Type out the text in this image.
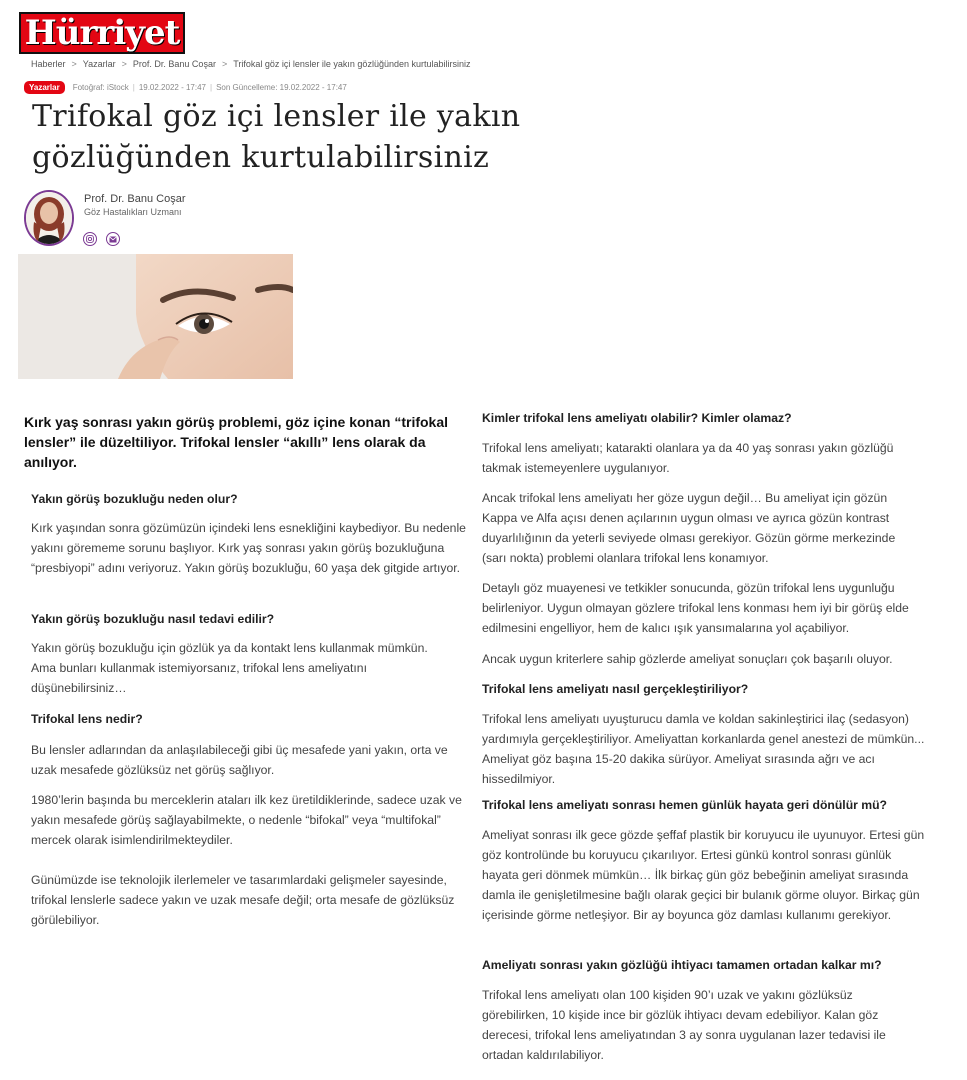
Hürriyet
Haberler > Yazarlar > Prof. Dr. Banu Coşar > Trifokal göz içi lensler ile yakın gözlüğünden kurtulabilirsiniz
Yazarlar	Fotoğraf: iStock | 19.02.2022 - 17:47 | Son Güncelleme: 19.02.2022 - 17:47
Trifokal göz içi lensler ile yakın
gözlüğünden kurtulabilirsiniz
Prof. Dr. Banu Coşar
Göz Hastalıkları Uzmanı

Kırk yaş sonrası yakın görüş problemi, göz içine konan “trifokal lensler” ile düzeltiliyor. Trifokal lensler “akıllı” lens olarak da anılıyor.

Yakın görüş bozukluğu neden olur?

Kırk yaşından sonra gözümüzün içindeki lens esnekliğini kaybediyor. Bu nedenle yakını görememe sorunu başlıyor. Kırk yaş sonrası yakın görüş bozukluğuna “presbiyopi” adını veriyoruz. Yakın görüş bozukluğu, 60 yaşa dek gitgide artıyor.

Yakın görüş bozukluğu nasıl tedavi edilir?

Yakın görüş bozukluğu için gözlük ya da kontakt lens kullanmak mümkün. Ama bunları kullanmak istemiyorsanız, trifokal lens ameliyatını düşünebilirsiniz…

Trifokal lens nedir?

Bu lensler adlarından da anlaşılabileceği gibi üç mesafede yani yakın, orta ve uzak mesafede gözlüksüz net görüş sağlıyor.

1980’lerin başında bu merceklerin ataları ilk kez üretildiklerinde, sadece uzak ve yakın mesafede görüş sağlayabilmekte, o nedenle “bifokal” veya “multifokal” mercek olarak isimlendirilmekteydiler.

Günümüzde ise teknolojik ilerlemeler ve tasarımlardaki gelişmeler sayesinde, trifokal lenslerle sadece yakın ve uzak mesafe değil; orta mesafe de gözlüksüz görülebiliyor.

Kimler trifokal lens ameliyatı olabilir? Kimler olamaz?

Trifokal lens ameliyatı; katarakti olanlara ya da 40 yaş sonrası yakın gözlüğü takmak istemeyenlere uygulanıyor.

Ancak trifokal lens ameliyatı her göze uygun değil… Bu ameliyat için gözün Kappa ve Alfa açısı denen açılarının uygun olması ve ayrıca gözün kontrast duyarlılığının da yeterli seviyede olması gerekiyor. Gözün görme merkezinde (sarı nokta) problemi olanlara trifokal lens konamıyor.

Detaylı göz muayenesi ve tetkikler sonucunda, gözün trifokal lens uygunluğu belirleniyor. Uygun olmayan gözlere trifokal lens konması hem iyi bir görüş elde edilmesini engelliyor, hem de kalıcı ışık yansımalarına yol açabiliyor.

Ancak uygun kriterlere sahip gözlerde ameliyat sonuçları çok başarılı oluyor.

Trifokal lens ameliyatı nasıl gerçekleştiriliyor?

Trifokal lens ameliyatı uyuşturucu damla ve koldan sakinleştirici ilaç (sedasyon) yardımıyla gerçekleştiriliyor. Ameliyattan korkanlarda genel anestezi de mümkün... Ameliyat göz başına 15-20 dakika sürüyor. Ameliyat sırasında ağrı ve acı hissedilmiyor.

Trifokal lens ameliyatı sonrası hemen günlük hayata geri dönülür mü?

Ameliyat sonrası ilk gece gözde şeffaf plastik bir koruyucu ile uyunuyor. Ertesi gün göz kontrolünde bu koruyucu çıkarılıyor. Ertesi günkü kontrol sonrası günlük hayata geri dönmek mümkün… İlk birkaç gün göz bebeğinin ameliyat sırasında damla ile genişletilmesine bağlı olarak geçici bir bulanık görme oluyor. Birkaç gün içerisinde görme netleşiyor. Bir ay boyunca göz damlası kullanımı gerekiyor.

Ameliyatı sonrası yakın gözlüğü ihtiyacı tamamen ortadan kalkar mı?

Trifokal lens ameliyatı olan 100 kişiden 90’ı uzak ve yakını gözlüksüz görebilirken, 10 kişide ince bir gözlük ihtiyacı devam edebiliyor. Kalan göz derecesi, trifokal lens ameliyatından 3 ay sonra uygulanan lazer tedavisi ile ortadan kaldırılabiliyor.
